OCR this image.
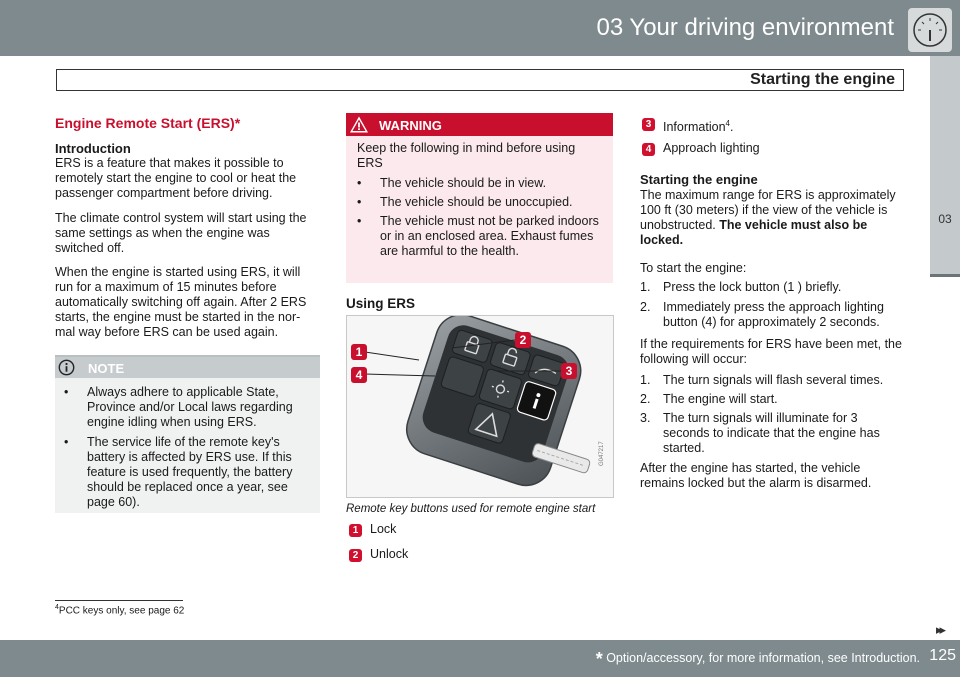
03 Your driving environment
Starting the engine
03
Engine Remote Start (ERS)*
Introduction
ERS is a feature that makes it possible to remotely start the engine to cool or heat the passenger compartment before driving.
The climate control system will start using the same settings as when the engine was switched off.
When the engine is started using ERS, it will run for a maximum of 15 minutes before automatically switching off again. After 2 ERS starts, the engine must be started in the nor- mal way before ERS can be used again.
NOTE
• Always adhere to applicable State, Province and/or Local laws regarding engine idling when using ERS.
• The service life of the remote key's battery is affected by ERS use. If this feature is used frequently, the battery should be replaced once a year, see page 60).
WARNING
Keep the following in mind before using ERS
• The vehicle should be in view.
• The vehicle should be unoccupied.
• The vehicle must not be parked indoors or in an enclosed area. Exhaust fumes are harmful to the health.
Using ERS
1
2
3
4
G047217
Remote key buttons used for remote engine start
1 Lock
2 Unlock
3 Information$^4$.
4 Approach lighting
Starting the engine
The maximum range for ERS is approximately 100 ft (30 meters) if the view of the vehicle is unobstructed. The vehicle must also be locked.
To start the engine:
1. Press the lock button (1 ) briefly.
2. Immediately press the approach lighting button (4) for approximately 2 seconds.
If the requirements for ERS have been met, the following will occur:
1. The turn signals will flash several times.
2. The engine will start.
3. The turn signals will illuminate for 3 seconds to indicate that the engine has started.
After the engine has started, the vehicle remains locked but the alarm is disarmed.
$^4$PCC keys only, see page 62
▸▸
* Option/accessory, for more information, see Introduction. 125
